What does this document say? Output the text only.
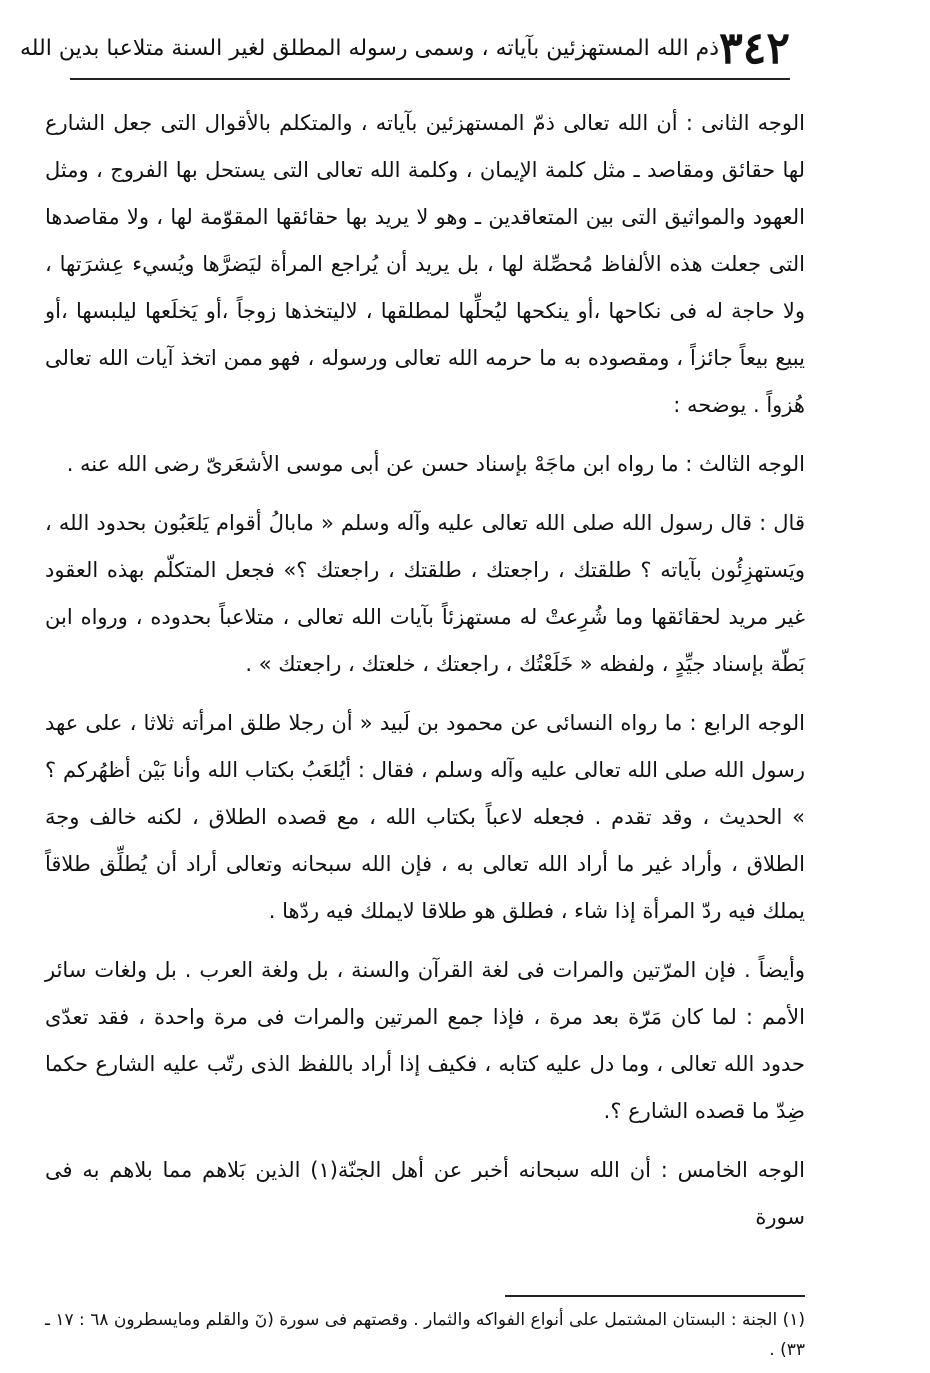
٣٤٢
ذم الله المستهزئين بآياته ، وسمى رسوله المطلق لغير السنة متلاعبا بدين الله

الوجه الثانى : أن الله تعالى ذمّ المستهزئين بآياته ، والمتكلم بالأقوال التى جعل الشارع لها حقائق ومقاصد ـ مثل كلمة الإيمان ، وكلمة الله تعالى التى يستحل بها الفروج ، ومثل العهود والمواثيق التى بين المتعاقدين ـ وهو لا يريد بها حقائقها المقوّمة لها ، ولا مقاصدها التى جعلت هذه الألفاظ مُحصِّلة لها ، بل يريد أن يُراجع المرأة ليَضرَّها ويُسيء عِشرَتها ، ولا حاجة له فى نكاحها ،أو ينكحها ليُحلِّها لمطلقها ، لاليتخذها زوجاً ،أو يَخلَعها ليلبسها ،أو يبيع بيعاً جائزاً ، ومقصوده به ما حرمه الله تعالى ورسوله ، فهو ممن اتخذ آيات الله تعالى هُزواً . يوضحه :

الوجه الثالث : ما رواه ابن ماجَهْ بإسناد حسن عن أبى موسى الأشعَرىّ رضى الله عنه .

قال : قال رسول الله صلى الله تعالى عليه وآله وسلم « مابالُ أقوام يَلعَبُون بحدود الله ، ويَستهزِئُون بآياته ؟ طلقتك ، راجعتك ، طلقتك ، راجعتك ؟» فجعل المتكلّم بهذه العقود غير مريد لحقائقها وما شُرِعتْ له مستهزئاً بآيات الله تعالى ، متلاعباً بحدوده ، ورواه ابن بَطّة بإسناد جيِّدٍ ، ولفظه « خَلَعْتُك ، راجعتك ، خلعتك ، راجعتك » .

الوجه الرابع : ما رواه النسائى عن محمود بن لَبيد « أن رجلا طلق امرأته ثلاثا ، على عهد رسول الله صلى الله تعالى عليه وآله وسلم ، فقال : أيُلعَبُ بكتاب الله وأنا بَيْن أظهُركم ؟ » الحديث ، وقد تقدم . فجعله لاعباً بكتاب الله ، مع قصده الطلاق ، لكنه خالف وجهَ الطلاق ، وأراد غير ما أراد الله تعالى به ، فإن الله سبحانه وتعالى أراد أن يُطلِّق طلاقاً يملك فيه ردّ المرأة إذا شاء ، فطلق هو طلاقا لايملك فيه ردّها .

وأيضاً . فإن المرّتين والمرات فى لغة القرآن والسنة ، بل ولغة العرب . بل ولغات سائر الأمم : لما كان مَرّة بعد مرة ، فإذا جمع المرتين والمرات فى مرة واحدة ، فقد تعدّى حدود الله تعالى ، وما دل عليه كتابه ، فكيف إذا أراد باللفظ الذى رتّب عليه الشارع حكما ضِدّ ما قصده الشارع ؟.

الوجه الخامس : أن الله سبحانه أخبر عن أهل الجنّة(١) الذين بَلاهم مما بلاهم به فى سورة

(١) الجنة : البستان المشتمل على أنواع الفواكه والثمار . وقصتهم فى سورة (نٓ والقلم ومايسطرون ٦٨ : ١٧ ـ ٣٣) .
